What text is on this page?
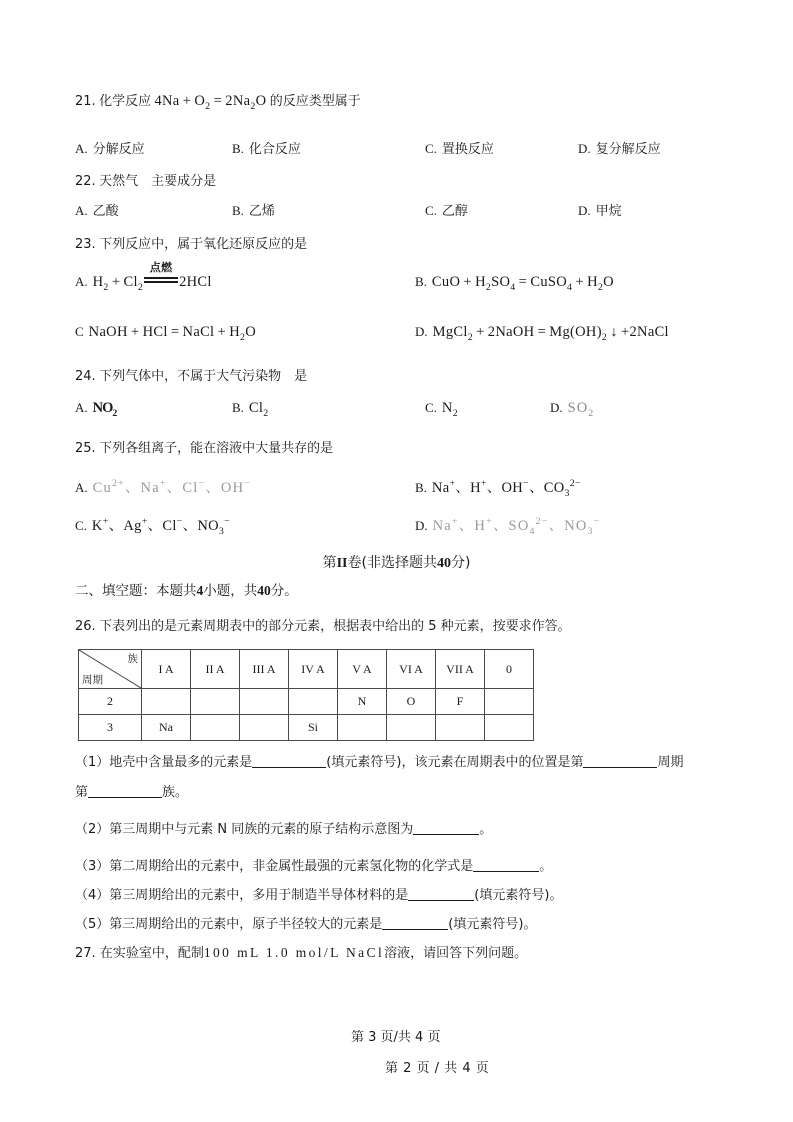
21. 化学反应 $4Na + O_2 = 2Na_2O$ 的反应类型属于
A. 分解反应	B. 化合反应	C. 置换反应	D. 复分解反应
22. 天然气　主要成分是
A. 乙酸	B. 乙烯	C. 乙醇	D. 甲烷
23. 下列反应中，属于氧化还原反应的是
A. $H_2 + Cl_2$
点燃
2HCl	B. CuO + $H_2SO_4$ = CuSO$_4$ + $H_2O$
C NaOH + HCl = NaCl + $H_2O$	D. MgCl$_2$ + 2NaOH = $Mg(OH)_2$ ↓ +2NaCl
24. 下列气体中，不属于大气污染物　是
A. $NO_2$	B. $Cl_2$	C. $N_2$	D. $SO_2$
25. 下列各组离子，能在溶液中大量共存的是
A. $Cu^{2+}$、Na+、Cl−、OH−	B. Na+、H+、OH−、$CO_3^{2-}$
C. K+、Ag+、Cl−、$NO_3^-$	D. Na+、H+、$SO_4^{2-}$、$NO_3^-$
第II卷(非选择题共40分)
二、填空题：本题共4小题，共40分。
26. 下表列出的是元素周期表中的部分元素，根据表中给出的 5 种元素，按要求作答。
族
周期	I A	II A	III A	IV A	V A	VI A	VII A	0
2					N	O	F	
3	Na			Si				
（1）地壳中含量最多的元素是	(填元素符号)，该元素在周期表中的位置是第	周期
第	族。
（2）第三周期中与元素 N 同族的元素的原子结构示意图为	。
（3）第二周期给出的元素中，非金属性最强的元素氢化物的化学式是	。
（4）第三周期给出的元素中，多用于制造半导体材料的是	(填元素符号)。
（5）第三周期给出的元素中，原子半径较大的元素是	(填元素符号)。
27. 在实验室中，配制100 mL 1.0 mol/L NaCl溶液，请回答下列问题。
第 3 页/共 4 页
第 2 页 / 共 4 页
